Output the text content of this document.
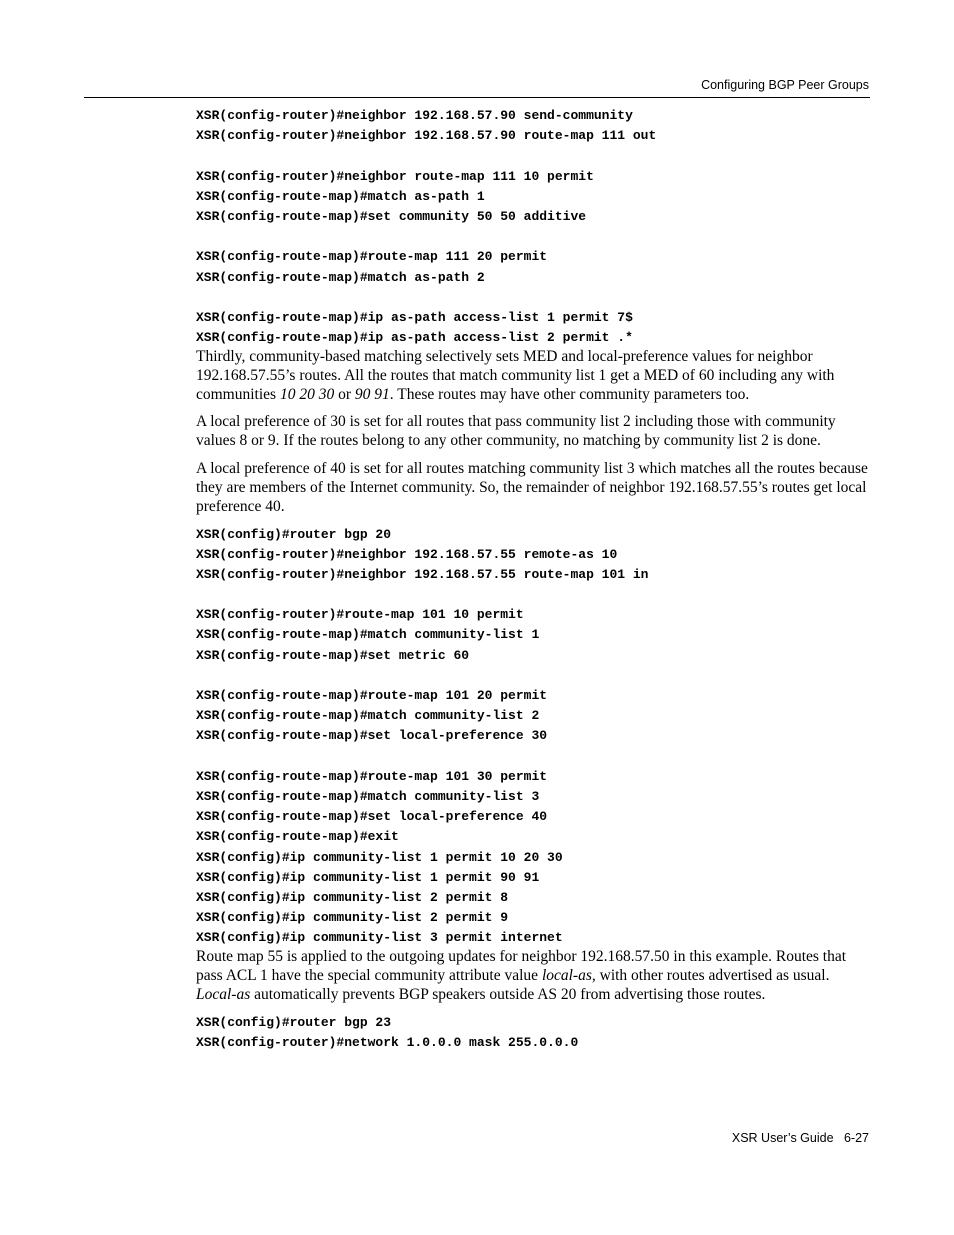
Configuring BGP Peer Groups
XSR(config-router)#neighbor 192.168.57.90 send-community
XSR(config-router)#neighbor 192.168.57.90 route-map 111 out
XSR(config-router)#neighbor route-map 111 10 permit
XSR(config-route-map)#match as-path 1
XSR(config-route-map)#set community 50 50 additive
XSR(config-route-map)#route-map 111 20 permit
XSR(config-route-map)#match as-path 2
XSR(config-route-map)#ip as-path access-list 1 permit 7$
XSR(config-route-map)#ip as-path access-list 2 permit .*

Thirdly, community-based matching selectively sets MED and local-preference values for neighbor 192.168.57.55’s routes. All the routes that match community list 1 get a MED of 60 including any with communities 10 20 30 or 90 91. These routes may have other community parameters too.

A local preference of 30 is set for all routes that pass community list 2 including those with community values 8 or 9. If the routes belong to any other community, no matching by community list 2 is done.

A local preference of 40 is set for all routes matching community list 3 which matches all the routes because they are members of the Internet community. So, the remainder of neighbor 192.168.57.55’s routes get local preference 40.

XSR(config)#router bgp 20
XSR(config-router)#neighbor 192.168.57.55 remote-as 10
XSR(config-router)#neighbor 192.168.57.55 route-map 101 in
XSR(config-router)#route-map 101 10 permit
XSR(config-route-map)#match community-list 1
XSR(config-route-map)#set metric 60
XSR(config-route-map)#route-map 101 20 permit
XSR(config-route-map)#match community-list 2
XSR(config-route-map)#set local-preference 30
XSR(config-route-map)#route-map 101 30 permit
XSR(config-route-map)#match community-list 3
XSR(config-route-map)#set local-preference 40
XSR(config-route-map)#exit
XSR(config)#ip community-list 1 permit 10 20 30
XSR(config)#ip community-list 1 permit 90 91
XSR(config)#ip community-list 2 permit 8
XSR(config)#ip community-list 2 permit 9
XSR(config)#ip community-list 3 permit internet

Route map 55 is applied to the outgoing updates for neighbor 192.168.57.50 in this example. Routes that pass ACL 1 have the special community attribute value local-as, with other routes advertised as usual. Local-as automatically prevents BGP speakers outside AS 20 from advertising those routes.

XSR(config)#router bgp 23
XSR(config-router)#network 1.0.0.0 mask 255.0.0.0
XSR User’s Guide 6-27
